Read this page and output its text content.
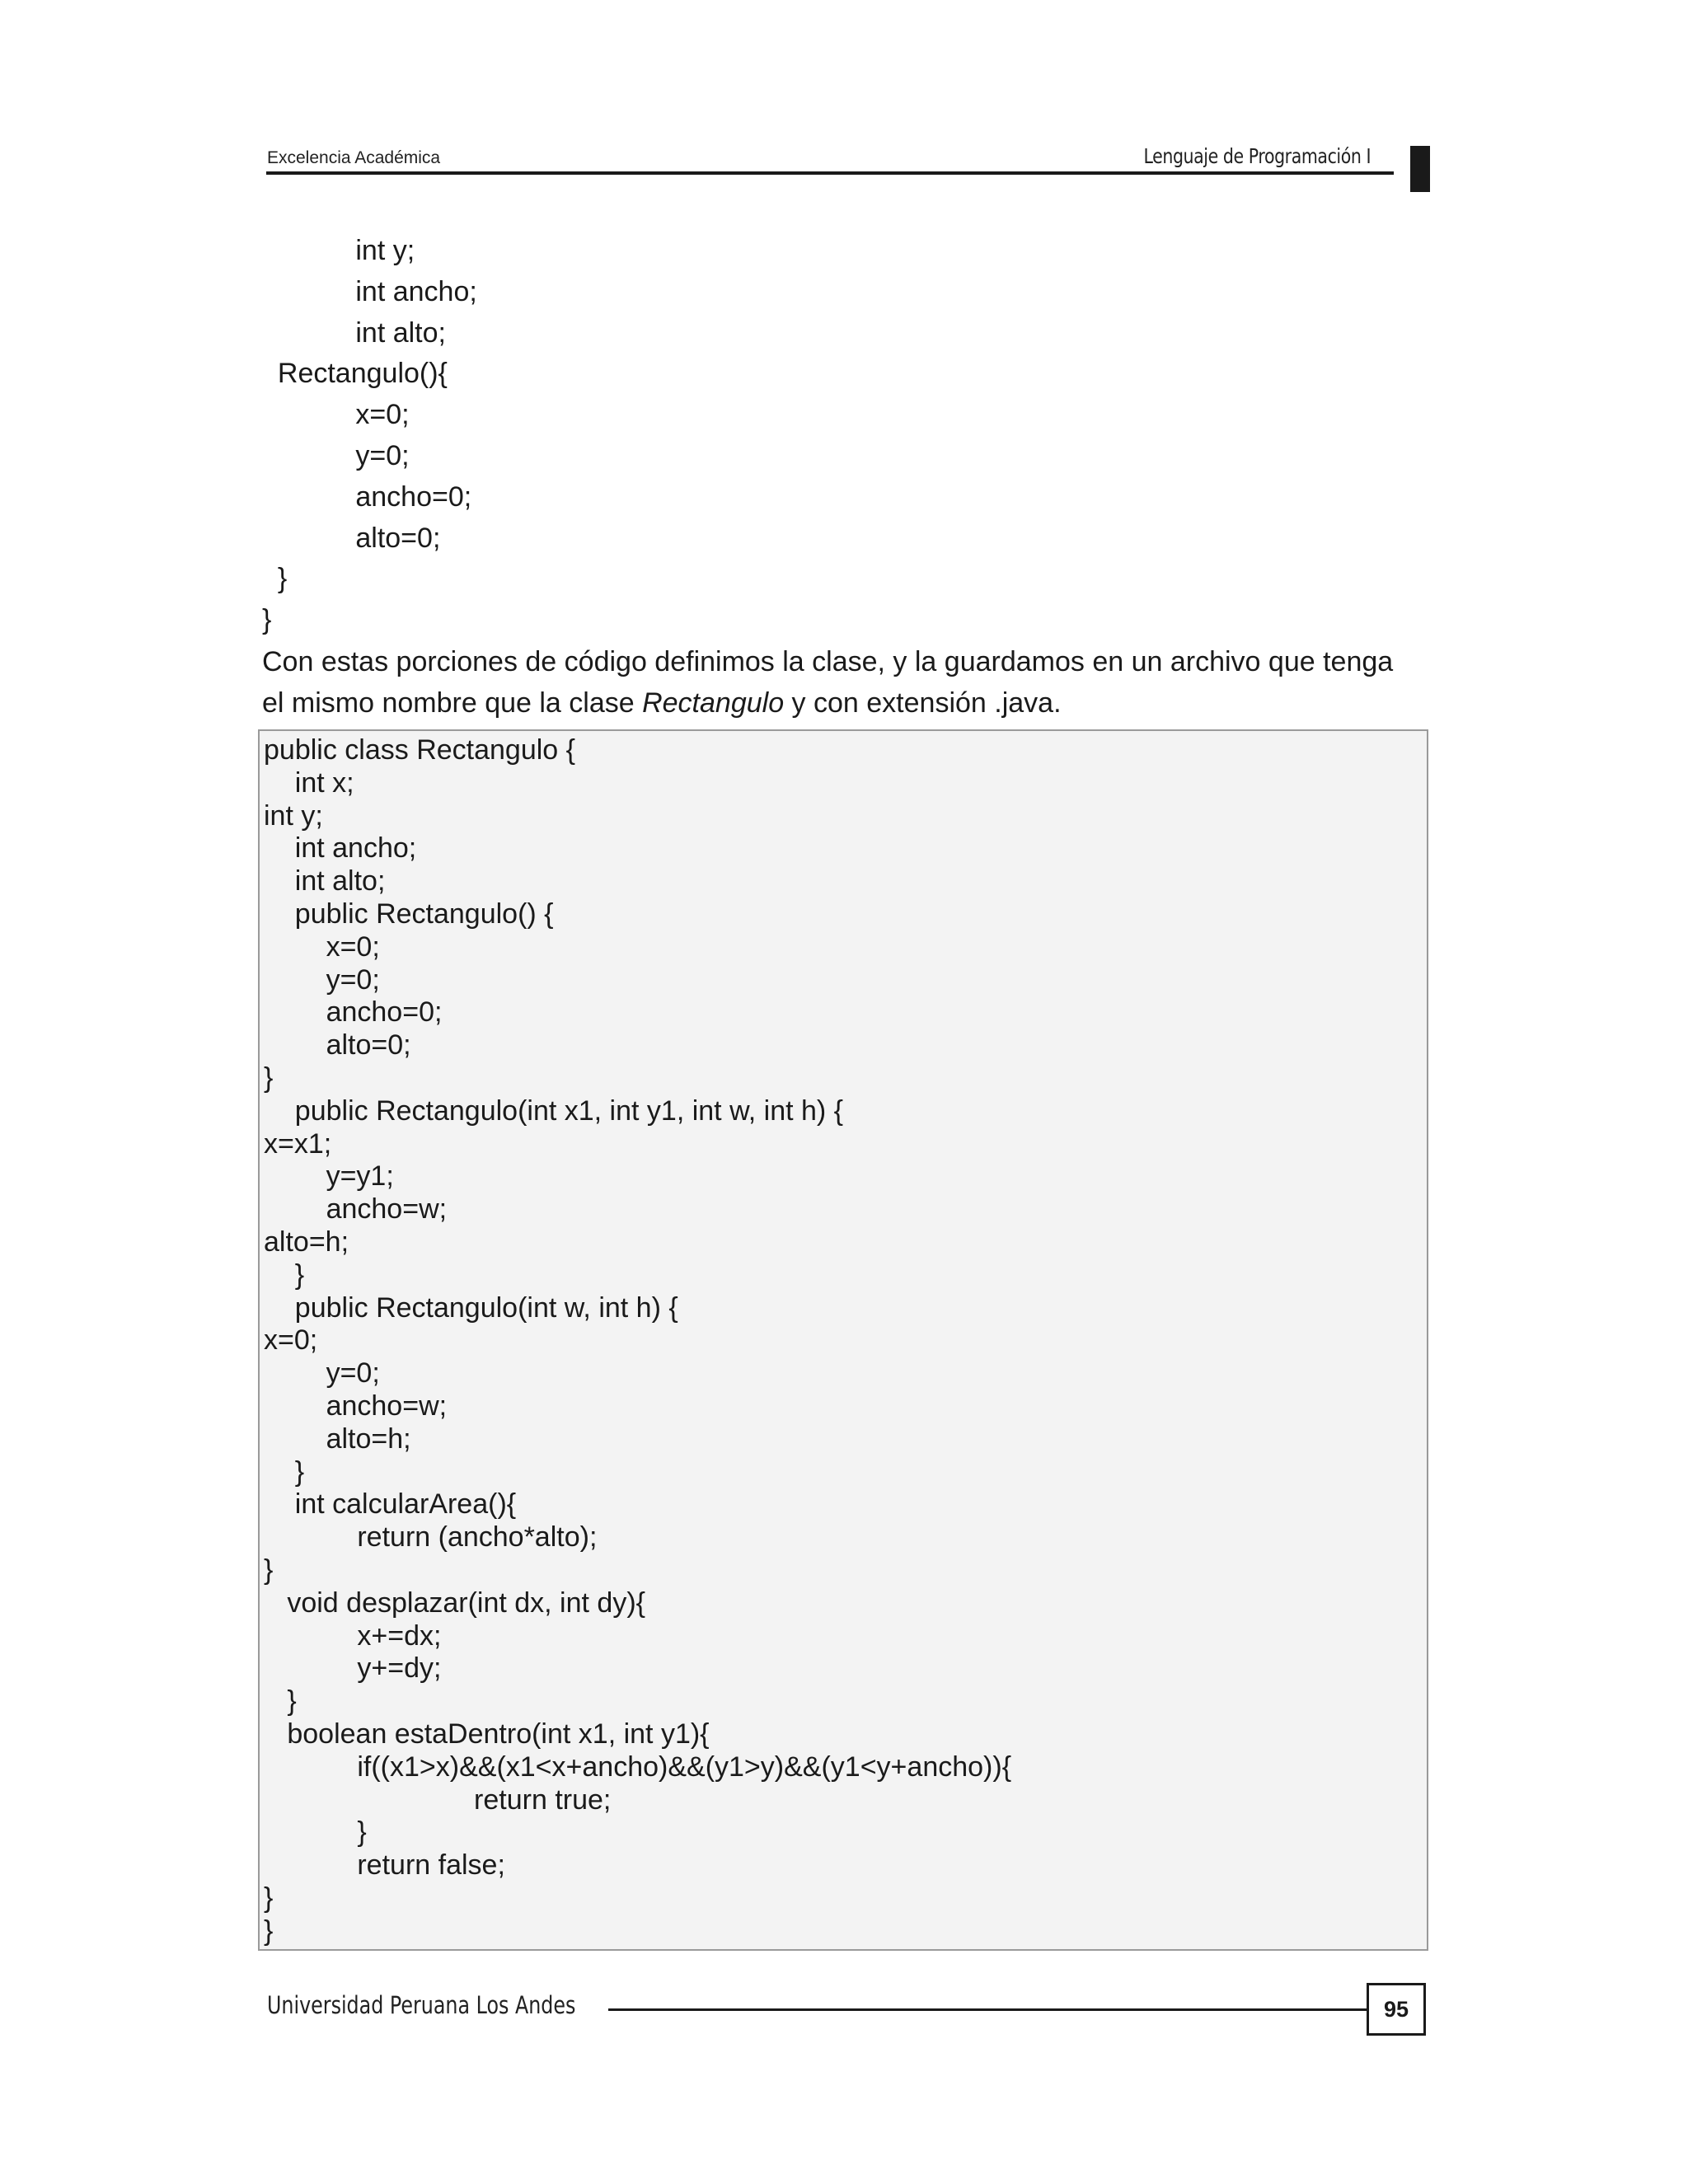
Excelencia Académica	Lenguaje de Programación I
int y;
int ancho;
int alto;
Rectangulo(){
x=0;
y=0;
ancho=0;
alto=0;
}
}
Con estas porciones de código definimos la clase, y la guardamos en un archivo que tenga
el mismo nombre que la clase Rectangulo y con extensión .java.
public class Rectangulo {
int x;
int y;
int ancho;
int alto;
public Rectangulo() {
x=0;
y=0;
ancho=0;
alto=0;
}
public Rectangulo(int x1, int y1, int w, int h) {
x=x1;
y=y1;
ancho=w;
alto=h;
}
public Rectangulo(int w, int h) {
x=0;
y=0;
ancho=w;
alto=h;
}
int calcularArea(){
return (ancho*alto);
}
void desplazar(int dx, int dy){
x+=dx;
y+=dy;
}
boolean estaDentro(int x1, int y1){
if((x1>x)&&(x1<x+ancho)&&(y1>y)&&(y1<y+ancho)){
return true;
}
return false;
}
}
Universidad Peruana Los Andes	95
